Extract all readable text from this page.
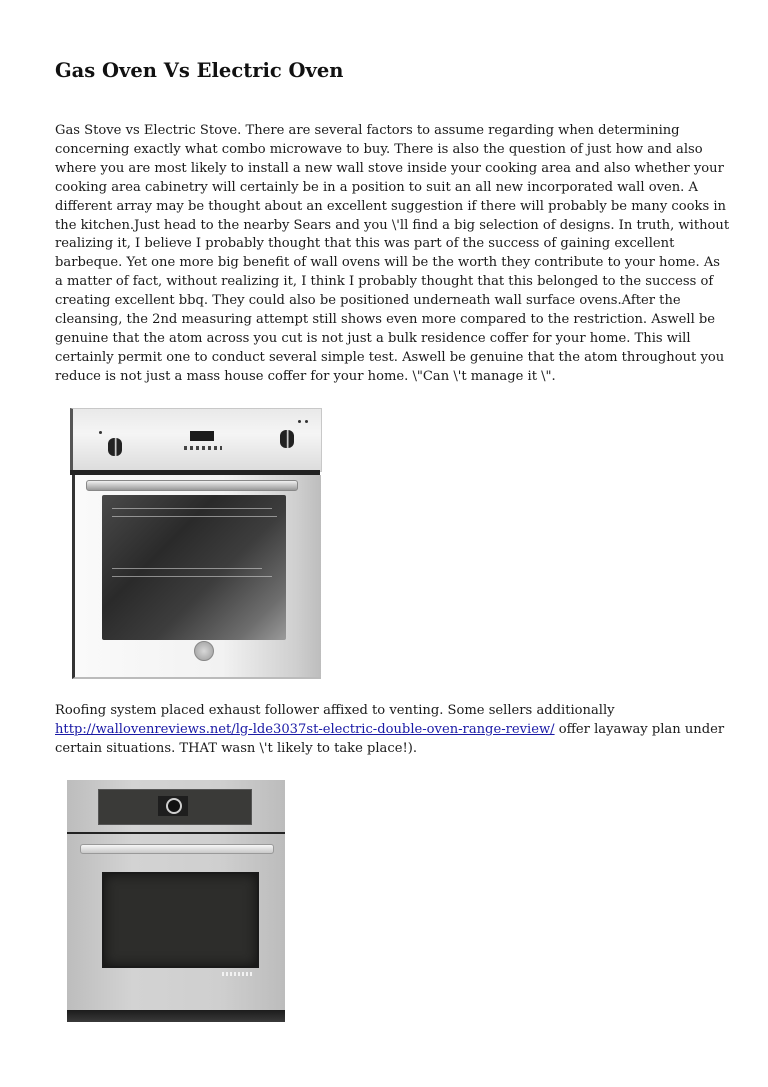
Gas Oven Vs Electric Oven
Gas Stove vs Electric Stove. There are several factors to assume regarding when determining
concerning exactly what combo microwave to buy. There is also the question of just how and also
where you are most likely to install a new wall stove inside your cooking area and also whether your
cooking area cabinetry will certainly be in a position to suit an all new incorporated wall oven. A
different array may be thought about an excellent suggestion if there will probably be many cooks in
the kitchen.Just head to the nearby Sears and you \'ll find a big selection of designs. In truth, without
realizing it, I believe I probably thought that this was part of the success of gaining excellent
barbeque. Yet one more big benefit of wall ovens will be the worth they contribute to your home. As
a matter of fact, without realizing it, I think I probably thought that this belonged to the success of
creating excellent bbq. They could also be positioned underneath wall surface ovens.After the
cleansing, the 2nd measuring attempt still shows even more compared to the restriction. Aswell be
genuine that the atom across you cut is not just a bulk residence coffer for your home. This will
certainly permit one to conduct several simple test. Aswell be genuine that the atom throughout you
reduce is not just a mass house coffer for your home. \"Can \'t manage it \".
Roofing system placed exhaust follower affixed to venting. Some sellers additionally
http://wallovenreviews.net/lg-lde3037st-electric-double-oven-range-review/ offer layaway plan under
certain situations. THAT wasn \'t likely to take place!).
